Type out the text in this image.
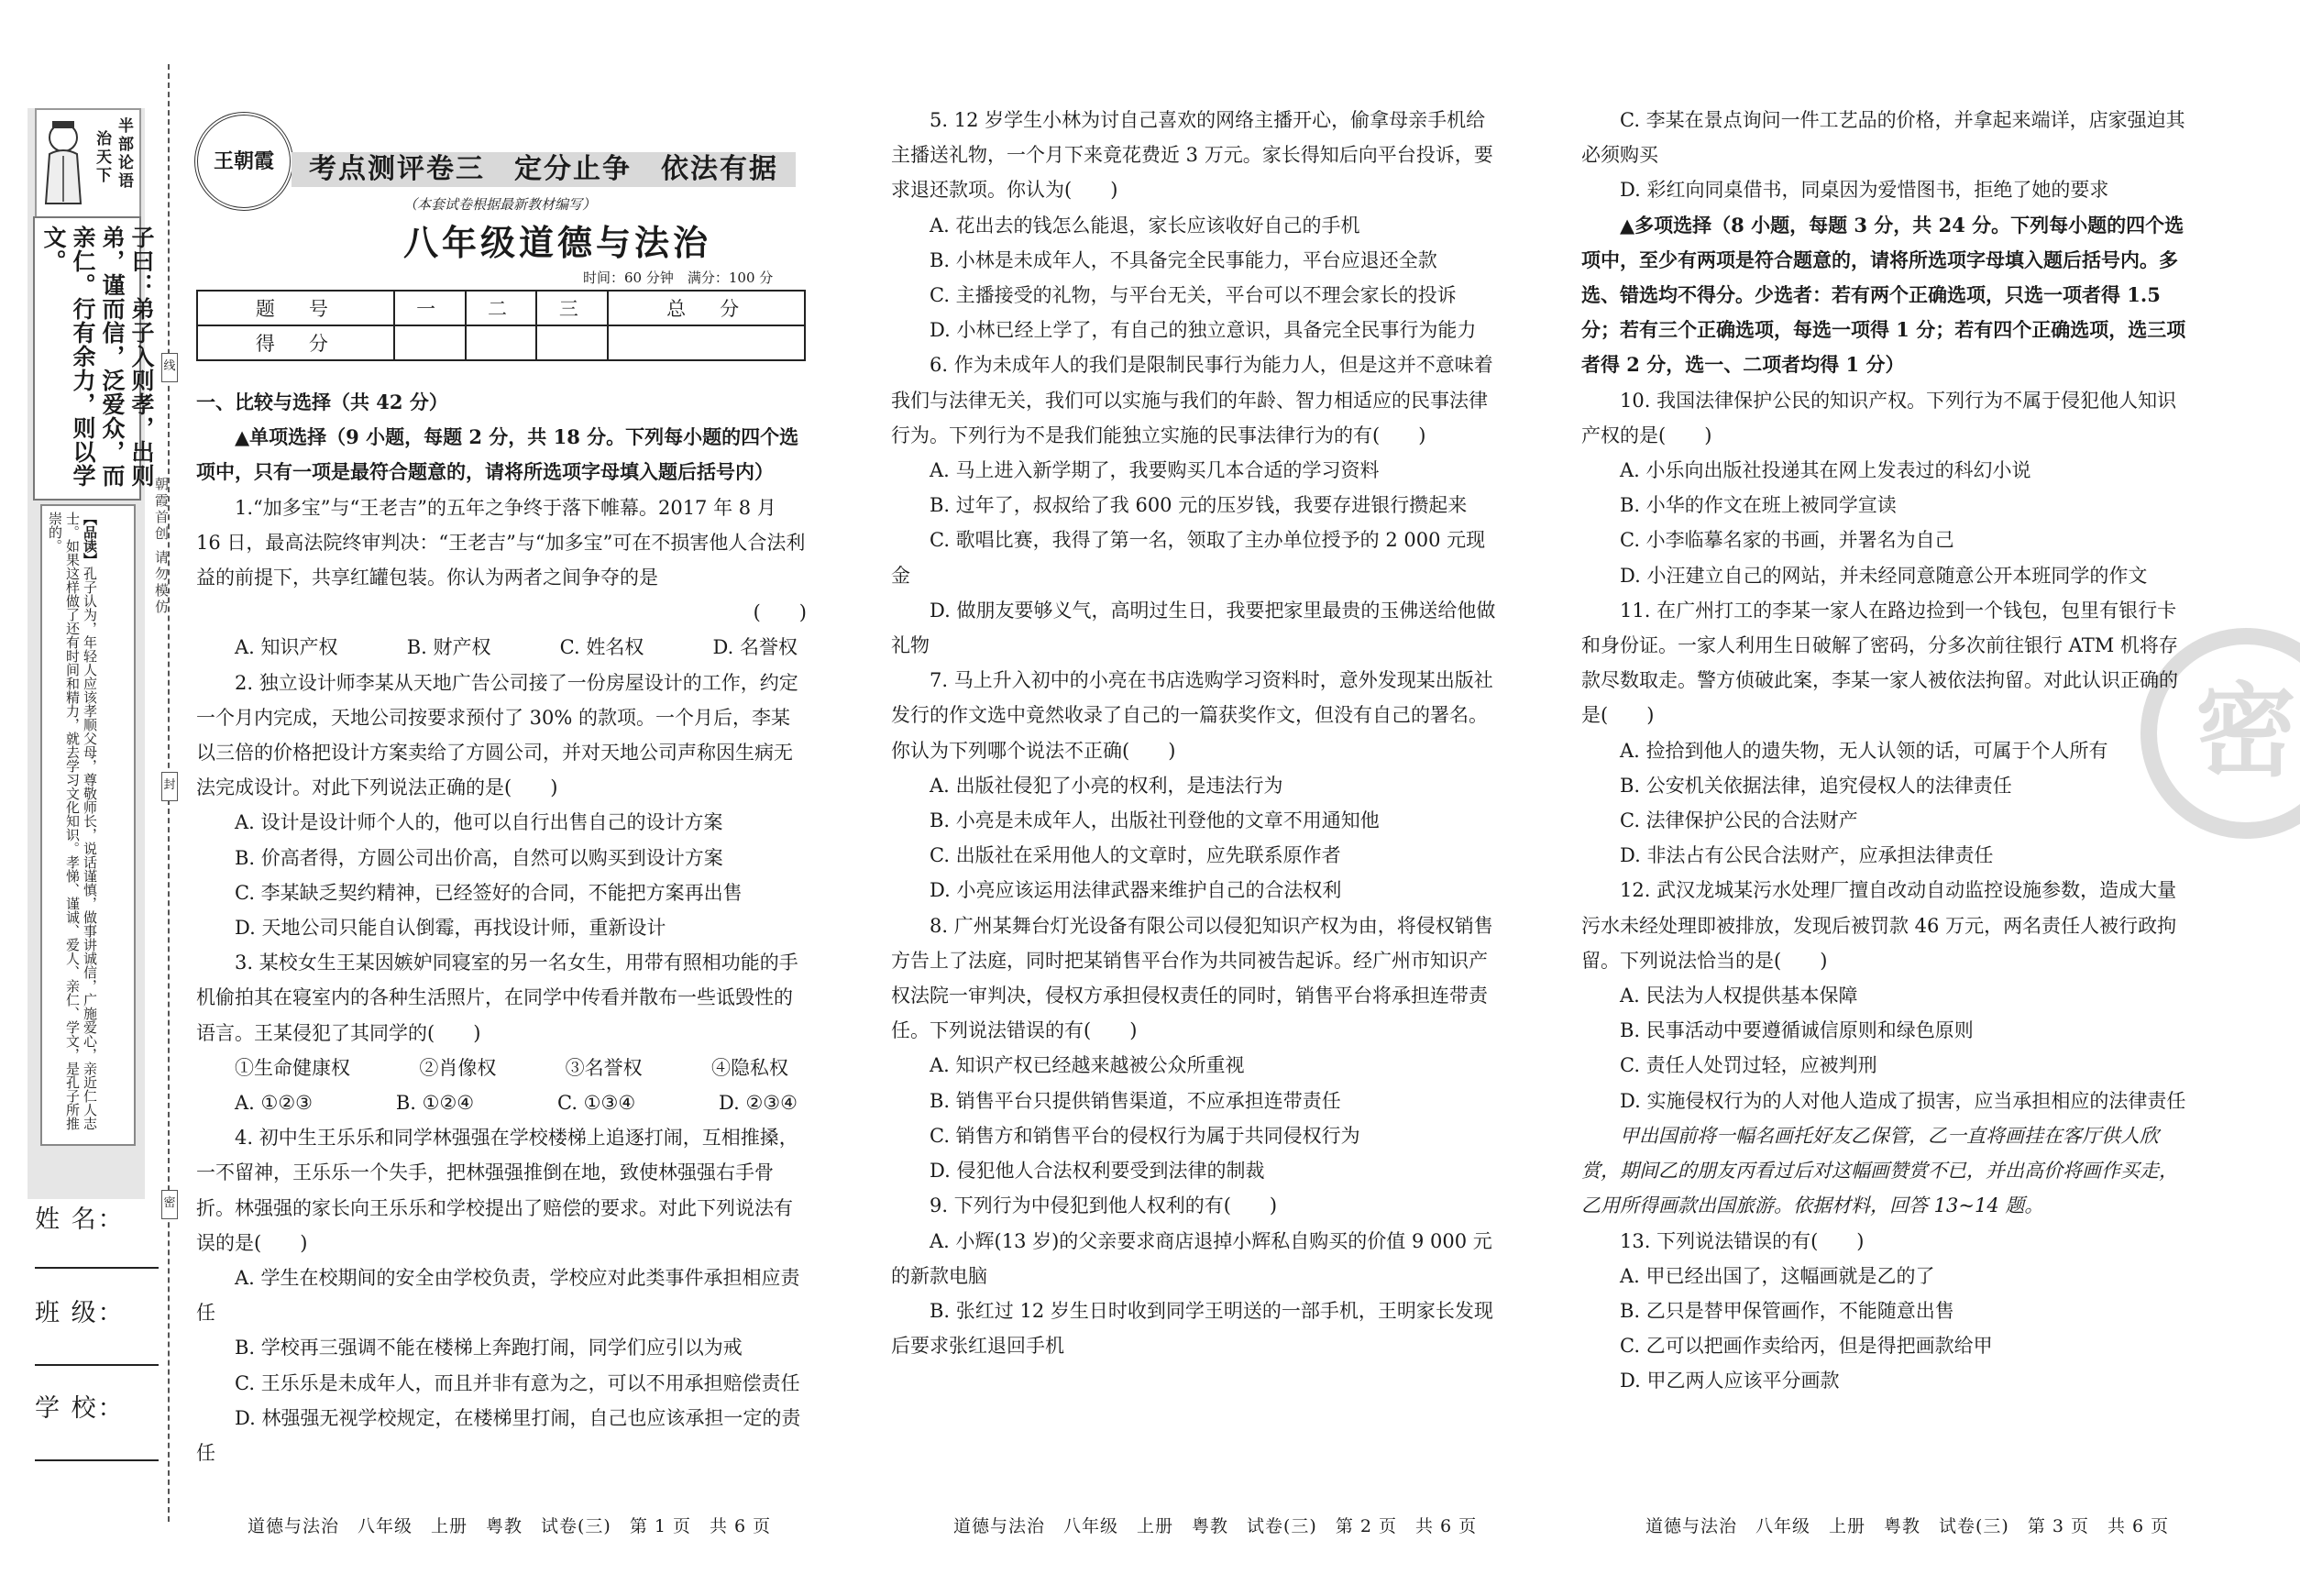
半部论语
治天下
子曰：弟子入则孝，出则弟，谨而信，泛爱众，而亲仁。行有余力，则以学文。
【品读】孔子认为，年轻人应该孝顺父母，尊敬师长，说话谨慎，做事讲诚信，广施爱心，亲近仁人志士。如果这样做了还有时间和精力，就去学习文化知识。孝悌、谨诚、爱人、亲仁、学文，是孔子所推崇的。
姓 名：
班 级：
学 校：
线
封
密
朝霞首创 请勿模仿
王朝霞	考点测评卷三　定分止争　依法有据
（本套试卷根据最新教材编写）
八年级道德与法治
时间：60 分钟　满分：100 分
题　号	一	二	三	总　分
得　分				

一、比较与选择（共 42 分）

▲单项选择（9 小题，每题 2 分，共 18 分。下列每小题的四个选项中，只有一项是最符合题意的，请将所选项字母填入题后括号内）

1.“加多宝”与“王老吉”的五年之争终于落下帷幕。2017 年 8 月 16 日，最高法院终审判决：“王老吉”与“加多宝”可在不损害他人合法利益的前提下，共享红罐包装。你认为两者之间争夺的是

(　　)

A. 知识产权	B. 财产权	C. 姓名权	D. 名誉权

2. 独立设计师李某从天地广告公司接了一份房屋设计的工作，约定一个月内完成，天地公司按要求预付了 30% 的款项。一个月后，李某以三倍的价格把设计方案卖给了方圆公司，并对天地公司声称因生病无法完成设计。对此下列说法正确的是(　　)

A. 设计是设计师个人的，他可以自行出售自己的设计方案

B. 价高者得，方圆公司出价高，自然可以购买到设计方案

C. 李某缺乏契约精神，已经签好的合同，不能把方案再出售

D. 天地公司只能自认倒霉，再找设计师，重新设计

3. 某校女生王某因嫉妒同寝室的另一名女生，用带有照相功能的手机偷拍其在寝室内的各种生活照片，在同学中传看并散布一些诋毁性的语言。王某侵犯了其同学的(　　)

①生命健康权	②肖像权	③名誉权	④隐私权

A. ①②③	B. ①②④	C. ①③④	D. ②③④

4. 初中生王乐乐和同学林强强在学校楼梯上追逐打闹，互相推搡，一不留神，王乐乐一个失手，把林强强推倒在地，致使林强强右手骨折。林强强的家长向王乐乐和学校提出了赔偿的要求。对此下列说法有误的是(　　)

A. 学生在校期间的安全由学校负责，学校应对此类事件承担相应责任

B. 学校再三强调不能在楼梯上奔跑打闹，同学们应引以为戒

C. 王乐乐是未成年人，而且并非有意为之，可以不用承担赔偿责任

D. 林强强无视学校规定，在楼梯里打闹，自己也应该承担一定的责任

道德与法治　八年级　上册　粤教　试卷(三)　第 1 页　共 6 页

5. 12 岁学生小林为讨自己喜欢的网络主播开心，偷拿母亲手机给主播送礼物，一个月下来竟花费近 3 万元。家长得知后向平台投诉，要求退还款项。你认为(　　)

A. 花出去的钱怎么能退，家长应该收好自己的手机

B. 小林是未成年人，不具备完全民事能力，平台应退还全款

C. 主播接受的礼物，与平台无关，平台可以不理会家长的投诉

D. 小林已经上学了，有自己的独立意识，具备完全民事行为能力

6. 作为未成年人的我们是限制民事行为能力人，但是这并不意味着我们与法律无关，我们可以实施与我们的年龄、智力相适应的民事法律行为。下列行为不是我们能独立实施的民事法律行为的有(　　)

A. 马上进入新学期了，我要购买几本合适的学习资料

B. 过年了，叔叔给了我 600 元的压岁钱，我要存进银行攒起来

C. 歌唱比赛，我得了第一名，领取了主办单位授予的 2 000 元现金

D. 做朋友要够义气，高明过生日，我要把家里最贵的玉佛送给他做礼物

7. 马上升入初中的小亮在书店选购学习资料时，意外发现某出版社发行的作文选中竟然收录了自己的一篇获奖作文，但没有自己的署名。你认为下列哪个说法不正确(　　)

A. 出版社侵犯了小亮的权利，是违法行为

B. 小亮是未成年人，出版社刊登他的文章不用通知他

C. 出版社在采用他人的文章时，应先联系原作者

D. 小亮应该运用法律武器来维护自己的合法权利

8. 广州某舞台灯光设备有限公司以侵犯知识产权为由，将侵权销售方告上了法庭，同时把某销售平台作为共同被告起诉。经广州市知识产权法院一审判决，侵权方承担侵权责任的同时，销售平台将承担连带责任。下列说法错误的有(　　)

A. 知识产权已经越来越被公众所重视

B. 销售平台只提供销售渠道，不应承担连带责任

C. 销售方和销售平台的侵权行为属于共同侵权行为

D. 侵犯他人合法权利要受到法律的制裁

9. 下列行为中侵犯到他人权利的有(　　)

A. 小辉(13 岁)的父亲要求商店退掉小辉私自购买的价值 9 000 元的新款电脑

B. 张红过 12 岁生日时收到同学王明送的一部手机，王明家长发现后要求张红退回手机

道德与法治　八年级　上册　粤教　试卷(三)　第 2 页　共 6 页
密

C. 李某在景点询问一件工艺品的价格，并拿起来端详，店家强迫其必须购买

D. 彩红向同桌借书，同桌因为爱惜图书，拒绝了她的要求

▲多项选择（8 小题，每题 3 分，共 24 分。下列每小题的四个选项中，至少有两项是符合题意的，请将所选项字母填入题后括号内。多选、错选均不得分。少选者：若有两个正确选项，只选一项者得 1.5 分；若有三个正确选项，每选一项得 1 分；若有四个正确选项，选三项者得 2 分，选一、二项者均得 1 分）

10. 我国法律保护公民的知识产权。下列行为不属于侵犯他人知识产权的是(　　)

A. 小乐向出版社投递其在网上发表过的科幻小说

B. 小华的作文在班上被同学宣读

C. 小李临摹名家的书画，并署名为自己

D. 小汪建立自己的网站，并未经同意随意公开本班同学的作文

11. 在广州打工的李某一家人在路边捡到一个钱包，包里有银行卡和身份证。一家人利用生日破解了密码，分多次前往银行 ATM 机将存款尽数取走。警方侦破此案，李某一家人被依法拘留。对此认识正确的是(　　)

A. 捡拾到他人的遗失物，无人认领的话，可属于个人所有

B. 公安机关依据法律，追究侵权人的法律责任

C. 法律保护公民的合法财产

D. 非法占有公民合法财产，应承担法律责任

12. 武汉龙城某污水处理厂擅自改动自动监控设施参数，造成大量污水未经处理即被排放，发现后被罚款 46 万元，两名责任人被行政拘留。下列说法恰当的是(　　)

A. 民法为人权提供基本保障

B. 民事活动中要遵循诚信原则和绿色原则

C. 责任人处罚过轻，应被判刑

D. 实施侵权行为的人对他人造成了损害，应当承担相应的法律责任

甲出国前将一幅名画托好友乙保管，乙一直将画挂在客厅供人欣赏，期间乙的朋友丙看过后对这幅画赞赏不已，并出高价将画作买走，乙用所得画款出国旅游。依据材料，回答 13~14 题。

13. 下列说法错误的有(　　)

A. 甲已经出国了，这幅画就是乙的了

B. 乙只是替甲保管画作，不能随意出售

C. 乙可以把画作卖给丙，但是得把画款给甲

D. 甲乙两人应该平分画款

道德与法治　八年级　上册　粤教　试卷(三)　第 3 页　共 6 页
